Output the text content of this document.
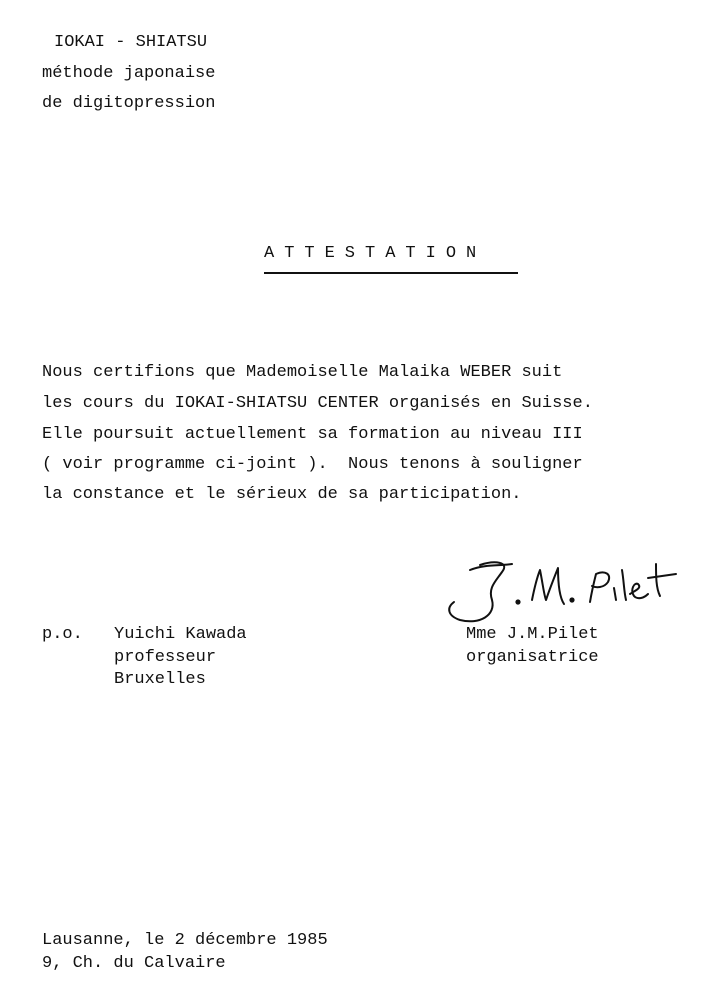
IOKAI - SHIATSU
méthode japonaise
de digitopression
ATTESTATION
Nous certifions que Mademoiselle Malaika WEBER suit
les cours du IOKAI-SHIATSU CENTER organisés en Suisse.
Elle poursuit actuellement sa formation au niveau III
( voir programme ci-joint ).  Nous tenons à souligner
la constance et le sérieux de sa participation.
p.o. Yuichi Kawada
professeur
Bruxelles
Mme J.M.Pilet
organisatrice
Lausanne, le 2 décembre 1985
9, Ch. du Calvaire
